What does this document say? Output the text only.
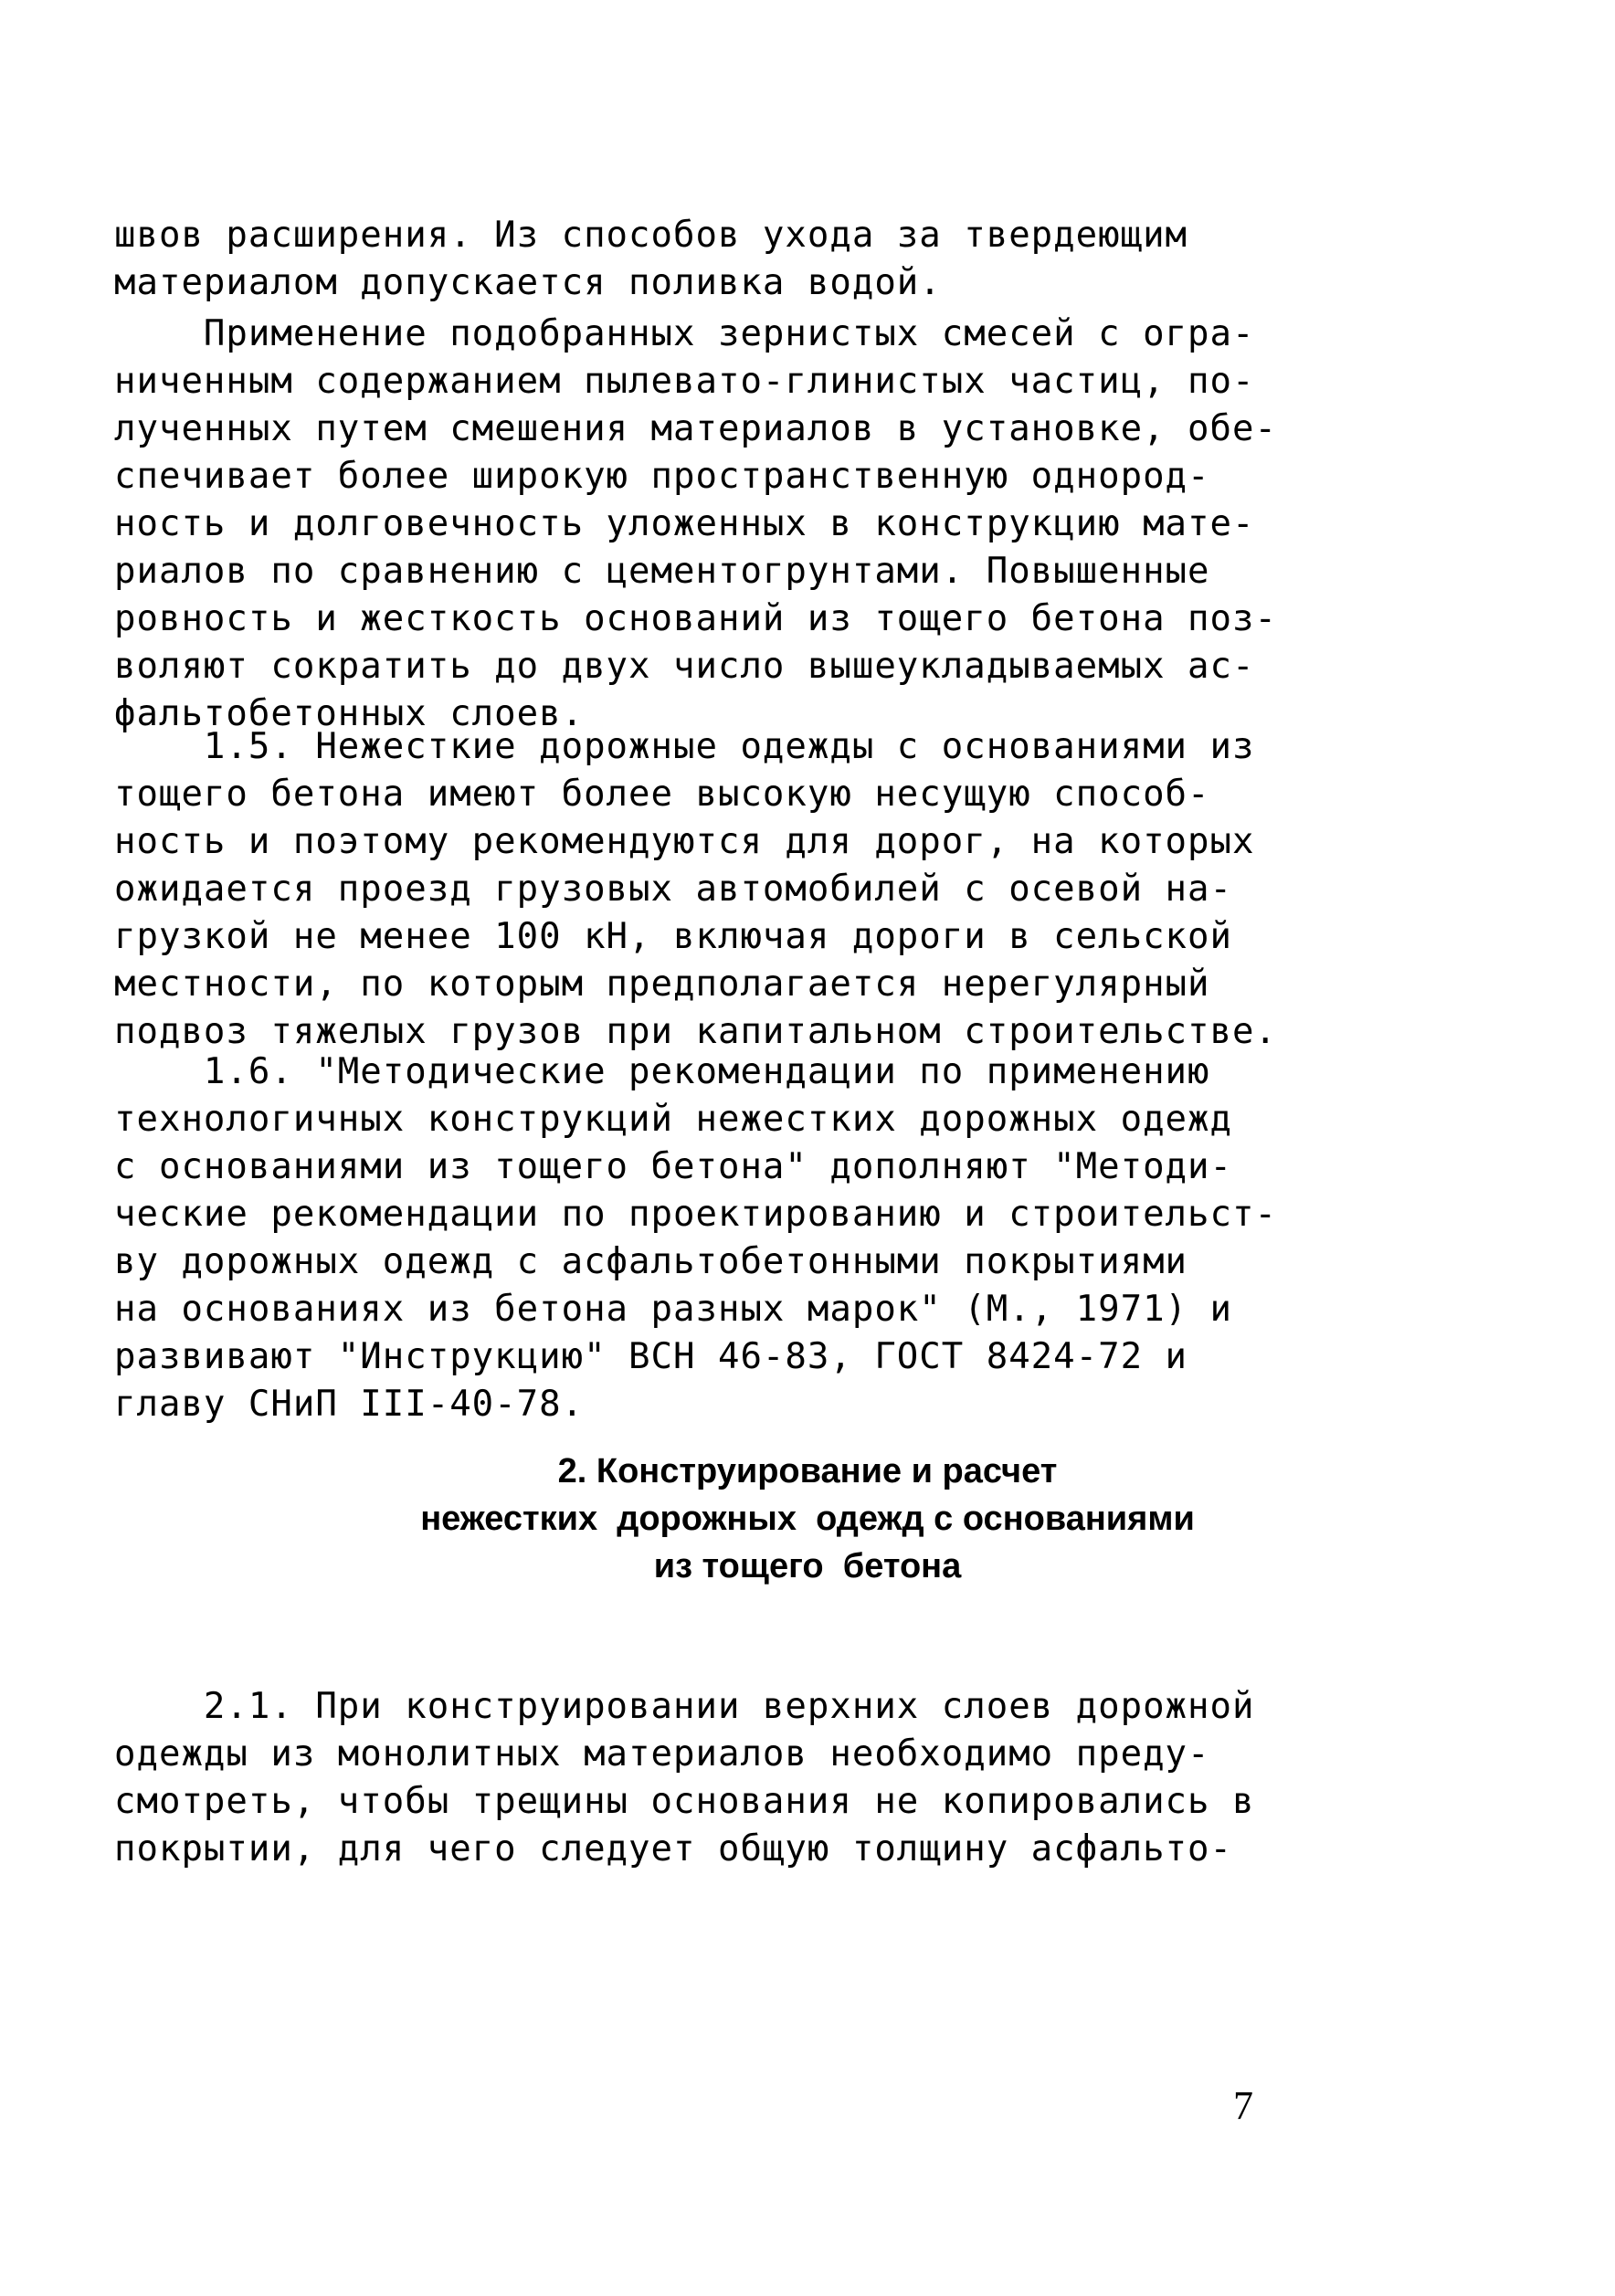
швов расширения. Из способов ухода за твердеющим
материалом допускается поливка водой.

Применение подобранных зернистых смесей с огра-
ниченным содержанием пылевато-глинистых частиц, по-
лученных путем смешения материалов в установке, обе-
спечивает более широкую пространственную однород-
ность и долговечность уложенных в конструкцию мате-
риалов по сравнению с цементогрунтами. Повышенные
ровность и жесткость оснований из тощего бетона поз-
воляют сократить до двух число вышеукладываемых ас-
фальтобетонных слоев.

1.5. Нежесткие дорожные одежды с основаниями из
тощего бетона имеют более высокую несущую способ-
ность и поэтому рекомендуются для дорог, на которых
ожидается проезд грузовых автомобилей с осевой на-
грузкой не менее 100 кН, включая дороги в сельской
местности, по которым предполагается нерегулярный
подвоз тяжелых грузов при капитальном строительстве.

1.6. "Методические рекомендации по применению
технологичных конструкций нежестких дорожных одежд
с основаниями из тощего бетона" дополняют "Методи-
ческие рекомендации по проектированию и строительст-
ву дорожных одежд с асфальтобетонными покрытиями
на основаниях из бетона разных марок" (М., 1971) и
развивают "Инструкцию" ВСН 46-83, ГОСТ 8424-72 и
главу СНиП III-40-78.

2. Конструирование и расчет
нежестких  дорожных  одежд с основаниями
из тощего  бетона

2.1. При конструировании верхних слоев дорожной
одежды из монолитных материалов необходимо преду-
смотреть, чтобы трещины основания не копировались в
покрытии, для чего следует общую толщину асфальто-

7
